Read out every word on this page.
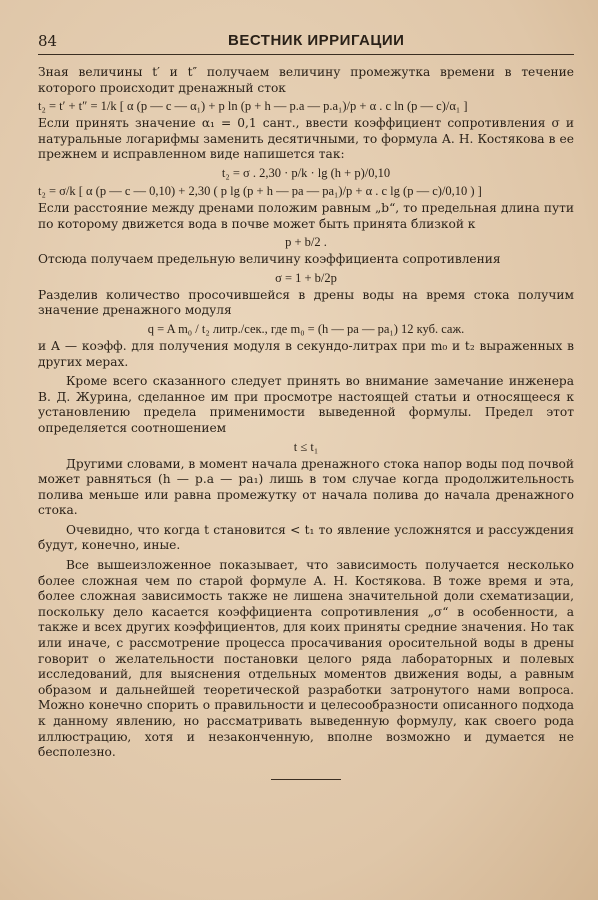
84	ВЕСТНИК ИРРИГАЦИИ

Зная величины t′ и t″ получаем величину промежутка времени в течение которого происходит дренажный сток

t₂ = t′ + t″ = 1/k [ α (p — c — α₁) + p ln (p + h — p.a — p.a₁)/p + α . c ln (p — c)/α₁ ]

Если принять значение α₁ = 0,1 сант., ввести коэффициент сопротивления σ и натуральные логарифмы заменить десятичными, то формула А. Н. Костякова в ее прежнем и исправленном виде напишется так:

t₂ = σ . 2,30 · p/k · lg (h + p)/0,10
t₂ = σ/k [ α (p — c — 0,10) + 2,30 ( p lg (p + h — pa — pa₁)/p + α . c lg (p — c)/0,10 ) ]

Если расстояние между дренами положим равным „b“, то предельная длина пути по которому движется вода в почве может быть принята близкой к

p + b/2 .

Отсюда получаем предельную величину коэффициента сопротивления

σ = 1 + b/2p

Разделив количество просочившейся в дрены воды на время стока получим значение дренажного модуля

q = A m₀ / t₂ литр./сек., где m₀ = (h — pa — pa₁) 12 куб. саж.

и А — коэфф. для получения модуля в секундо-литрах при m₀ и t₂ выраженных в других мерах.

Кроме всего сказанного следует принять во внимание замечание инженера В. Д. Журина, сделанное им при просмотре настоящей статьи и относящееся к установлению предела применимости выведенной формулы. Предел этот определяется соотношением

t ≤ t₁

Другими словами, в момент начала дренажного стока напор воды под почвой может равняться (h — p.a — pa₁) лишь в том случае когда продолжительность полива меньше или равна промежутку от начала полива до начала дренажного стока.

Очевидно, что когда t становится < t₁ то явление усложнятся и рассуждения будут, конечно, иные.

Все вышеизложенное показывает, что зависимость получается несколько более сложная чем по старой формуле А. Н. Костякова. В тоже время и эта, более сложная зависимость также не лишена значительной доли схематизации, поскольку дело касается коэффициента сопротивления „σ“ в особенности, а также и всех других коэффициентов, для коих приняты средние значения. Но так или иначе, с рассмотрение процесса просачивания оросительной воды в дрены говорит о желательности постановки целого ряда лабораторных и полевых исследований, для выяснения отдельных моментов движения воды, а равным образом и дальнейшей теоретической разработки затронутого нами вопроса. Можно конечно спорить о правильности и целесообразности описанного подхода к данному явлению, но рассматривать выведенную формулу, как своего рода иллюстрацию, хотя и незаконченную, вполне возможно и думается не бесполезно.
